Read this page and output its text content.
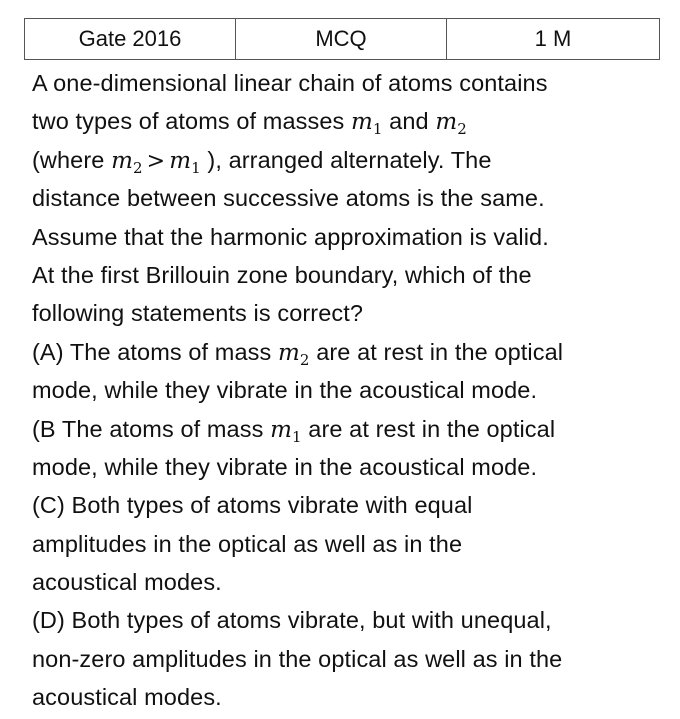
Gate 2016	MCQ	1 M
A one-dimensional linear chain of atoms contains
two types of atoms of masses $m_1$ and $m_2$
(where $m_2 > m_1$ ), arranged alternately. The
distance between successive atoms is the same.
Assume that the harmonic approximation is valid.
At the first Brillouin zone boundary, which of the
following statements is correct?
(A) The atoms of mass $m_2$ are at rest in the optical
mode, while they vibrate in the acoustical mode.
(B The atoms of mass $m_1$ are at rest in the optical
mode, while they vibrate in the acoustical mode.
(C) Both types of atoms vibrate with equal
amplitudes in the optical as well as in the
acoustical modes.
(D) Both types of atoms vibrate, but with unequal,
non-zero amplitudes in the optical as well as in the
acoustical modes.
